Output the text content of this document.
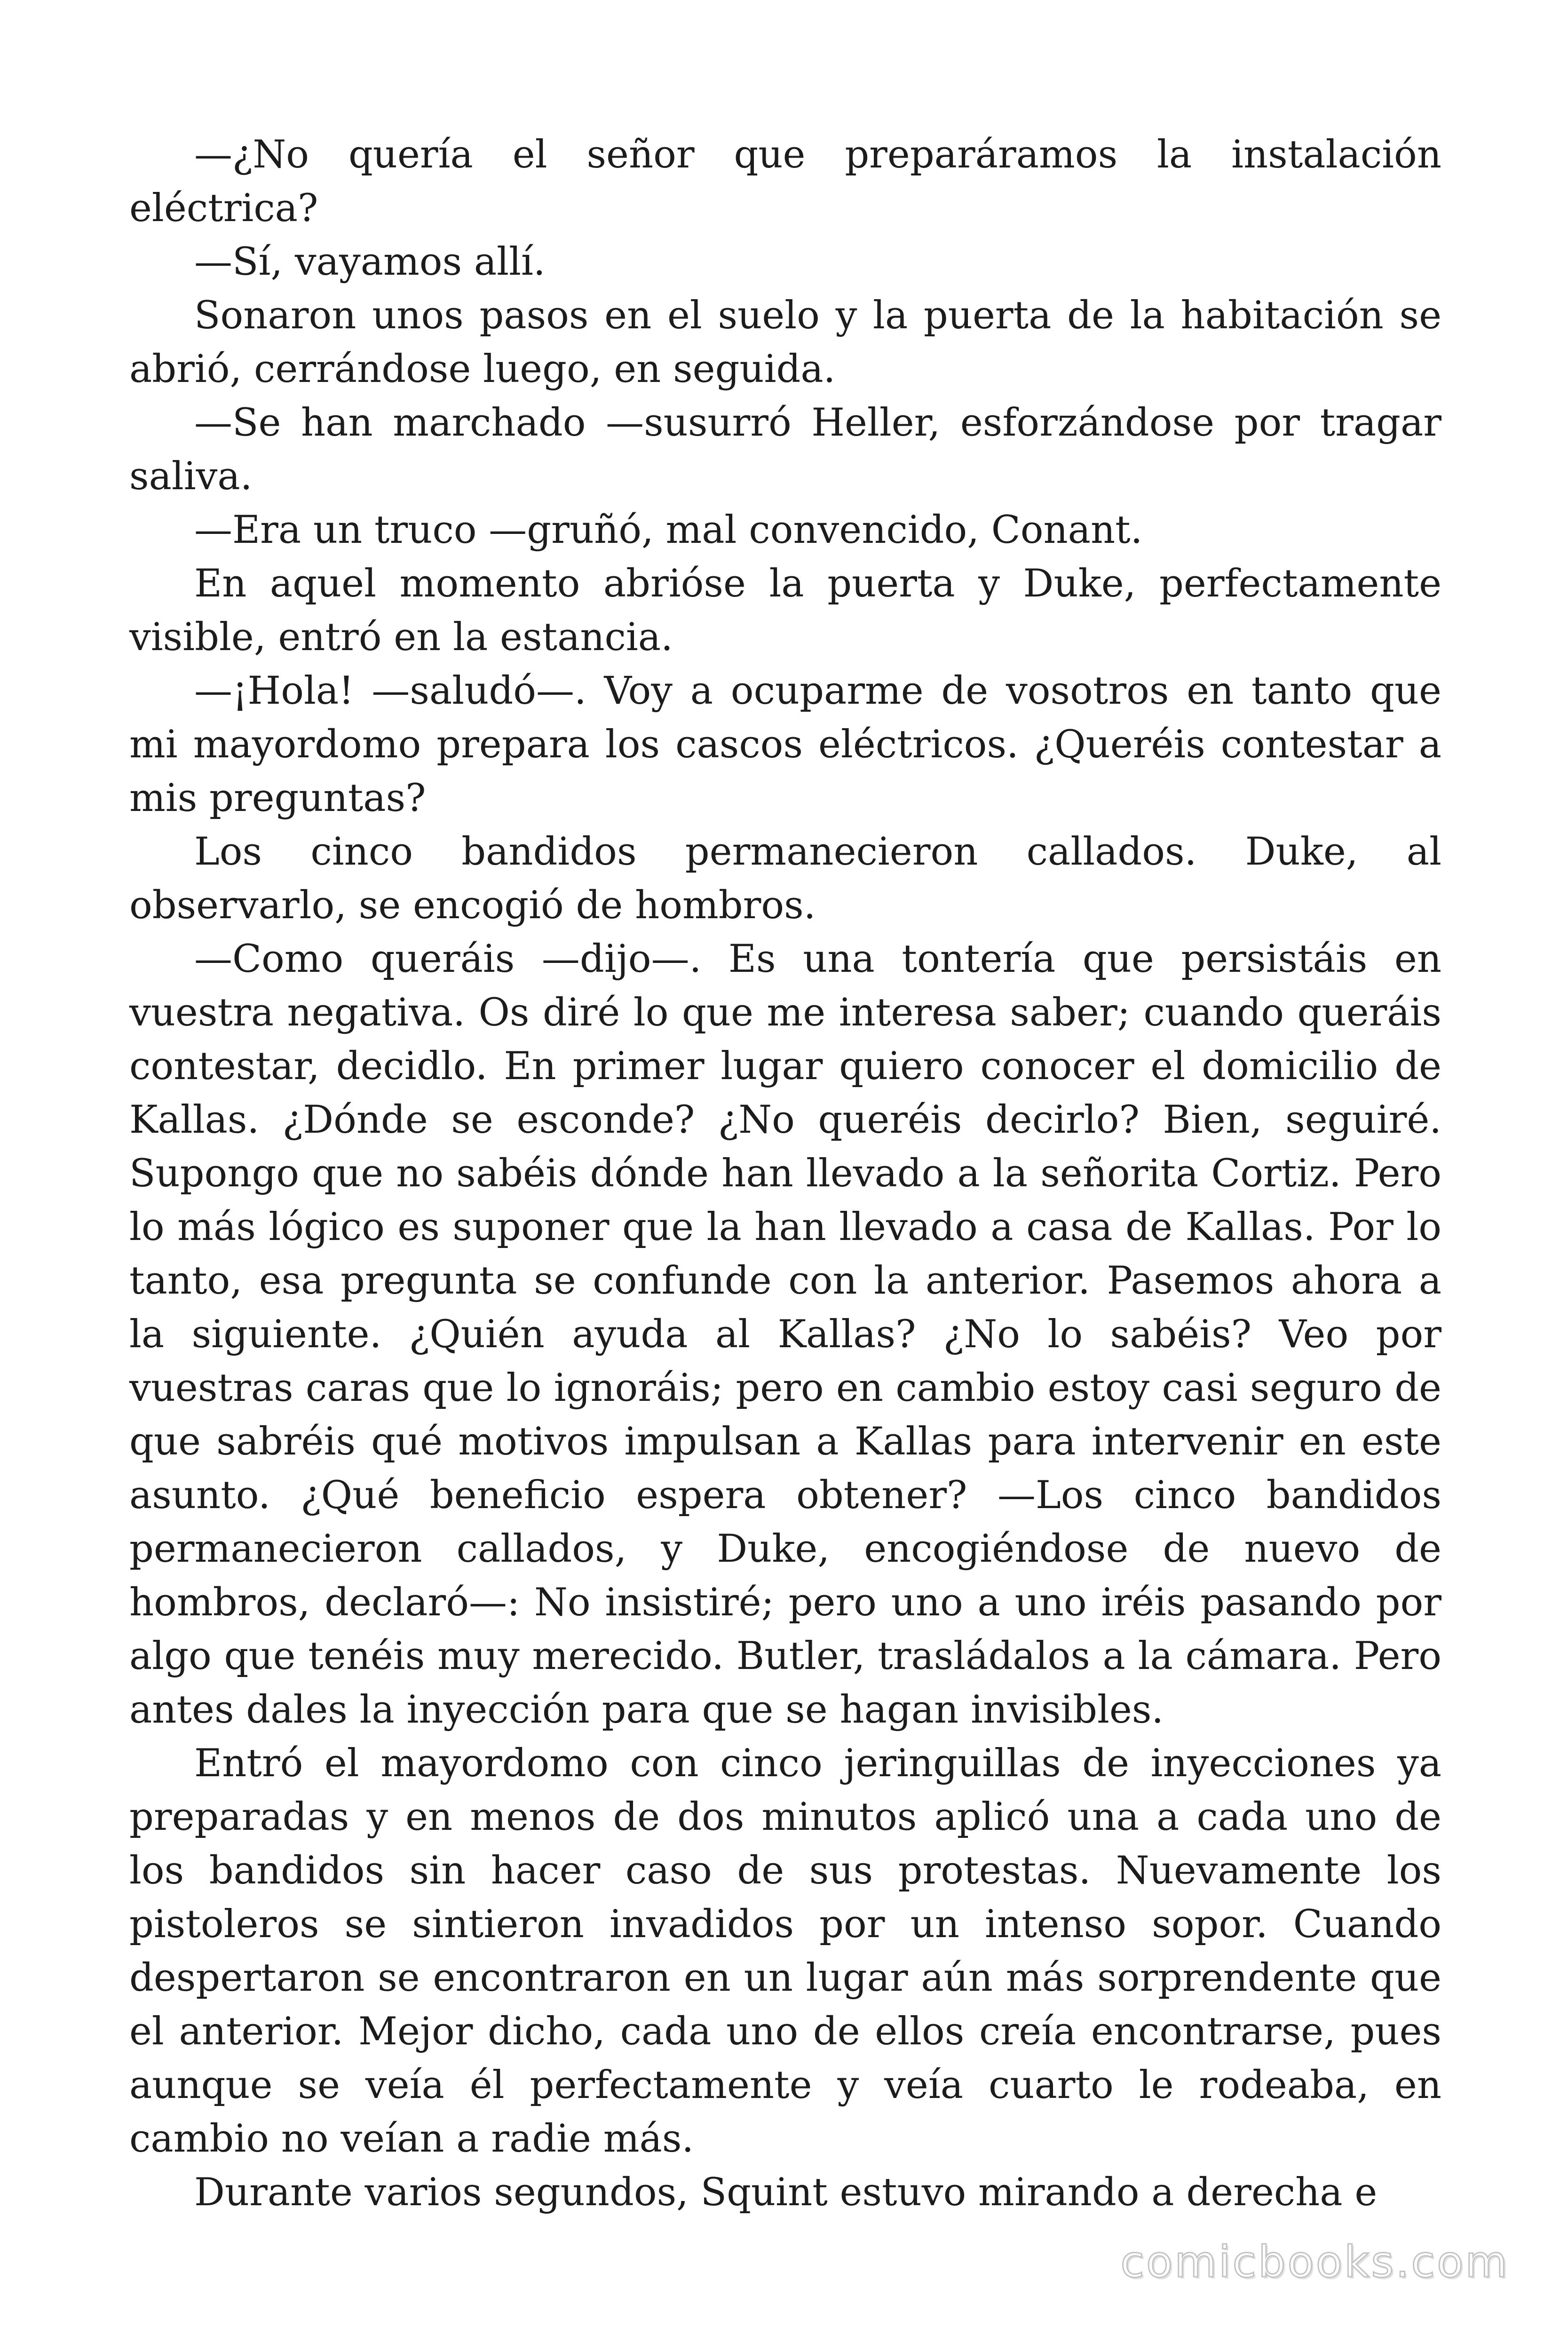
—¿No quería el señor que preparáramos la instalación eléctrica?

—Sí, vayamos allí.

Sonaron unos pasos en el suelo y la puerta de la habitación se abrió, cerrándose luego, en seguida.

—Se han marchado —susurró Heller, esforzándose por tragar saliva.

—Era un truco —gruñó, mal convencido, Conant.

En aquel momento abrióse la puerta y Duke, perfectamente visible, entró en la estancia.

—¡Hola! —saludó—. Voy a ocuparme de vosotros en tanto que mi mayordomo prepara los cascos eléctricos. ¿Queréis contestar a mis preguntas?

Los cinco bandidos permanecieron callados. Duke, al observarlo, se encogió de hombros.

—Como queráis —dijo—. Es una tontería que persistáis en vuestra negativa. Os diré lo que me interesa saber; cuando queráis contestar, decidlo. En primer lugar quiero conocer el domicilio de Kallas. ¿Dónde se esconde? ¿No queréis decirlo? Bien, seguiré. Supongo que no sabéis dónde han llevado a la señorita Cortiz. Pero lo más lógico es suponer que la han llevado a casa de Kallas. Por lo tanto, esa pregunta se confunde con la anterior. Pasemos ahora a la siguiente. ¿Quién ayuda al Kallas? ¿No lo sabéis? Veo por vuestras caras que lo ignoráis; pero en cambio estoy casi seguro de que sabréis qué motivos impulsan a Kallas para intervenir en este asunto. ¿Qué beneficio espera obtener? —Los cinco bandidos permanecieron callados, y Duke, encogiéndose de nuevo de hombros, declaró—: No insistiré; pero uno a uno iréis pasando por algo que tenéis muy merecido. Butler, trasládalos a la cámara. Pero antes dales la inyección para que se hagan invisibles.

Entró el mayordomo con cinco jeringuillas de inyecciones ya preparadas y en menos de dos minutos aplicó una a cada uno de los bandidos sin hacer caso de sus protestas. Nuevamente los pistoleros se sintieron invadidos por un intenso sopor. Cuando despertaron se encontraron en un lugar aún más sorprendente que el anterior. Mejor dicho, cada uno de ellos creía encontrarse, pues aunque se veía él perfectamente y veía cuarto le rodeaba, en cambio no veían a radie más.

Durante varios segundos, Squint estuvo mirando a derecha e

comicbooks.com
